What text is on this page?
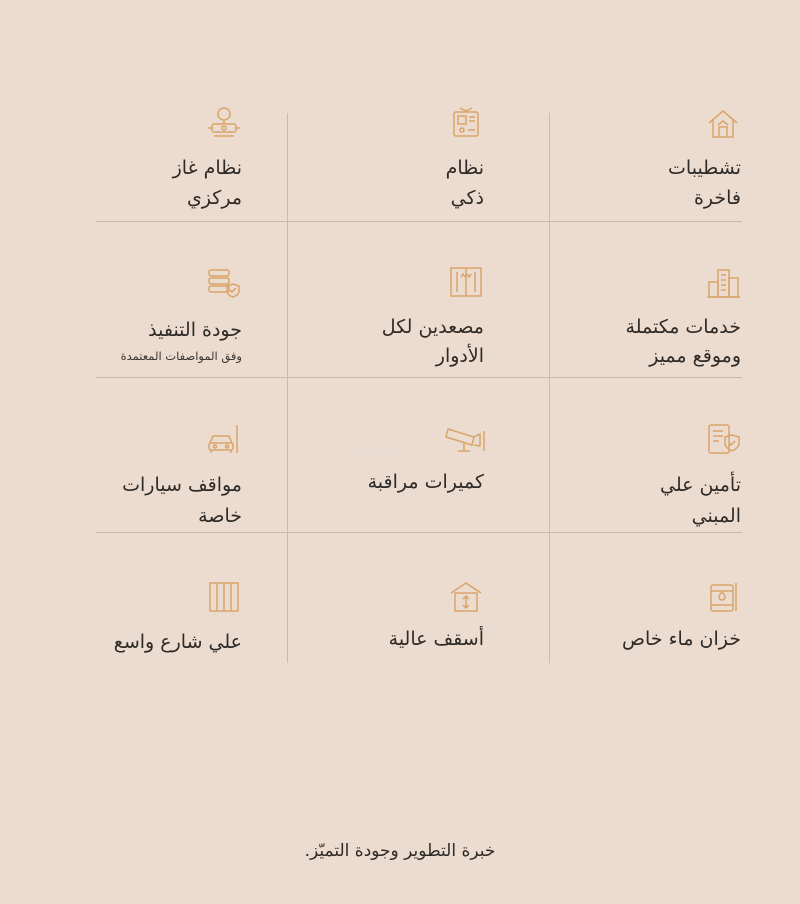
تشطيبات
فاخرة
نظام
ذكي
نظام غاز
مركزي
خدمات مكتملة
وموقع مميز
مصعدين لكل
الأدوار
جودة التنفيذ
وفق المواصفات المعتمدة
تأمين علي
المبني
كميرات مراقبة
مواقف سيارات
خاصة
خزان ماء خاص
أسقف عالية
علي شارع واسع
بيوت
خبرة التطوير وجودة التميّز.
